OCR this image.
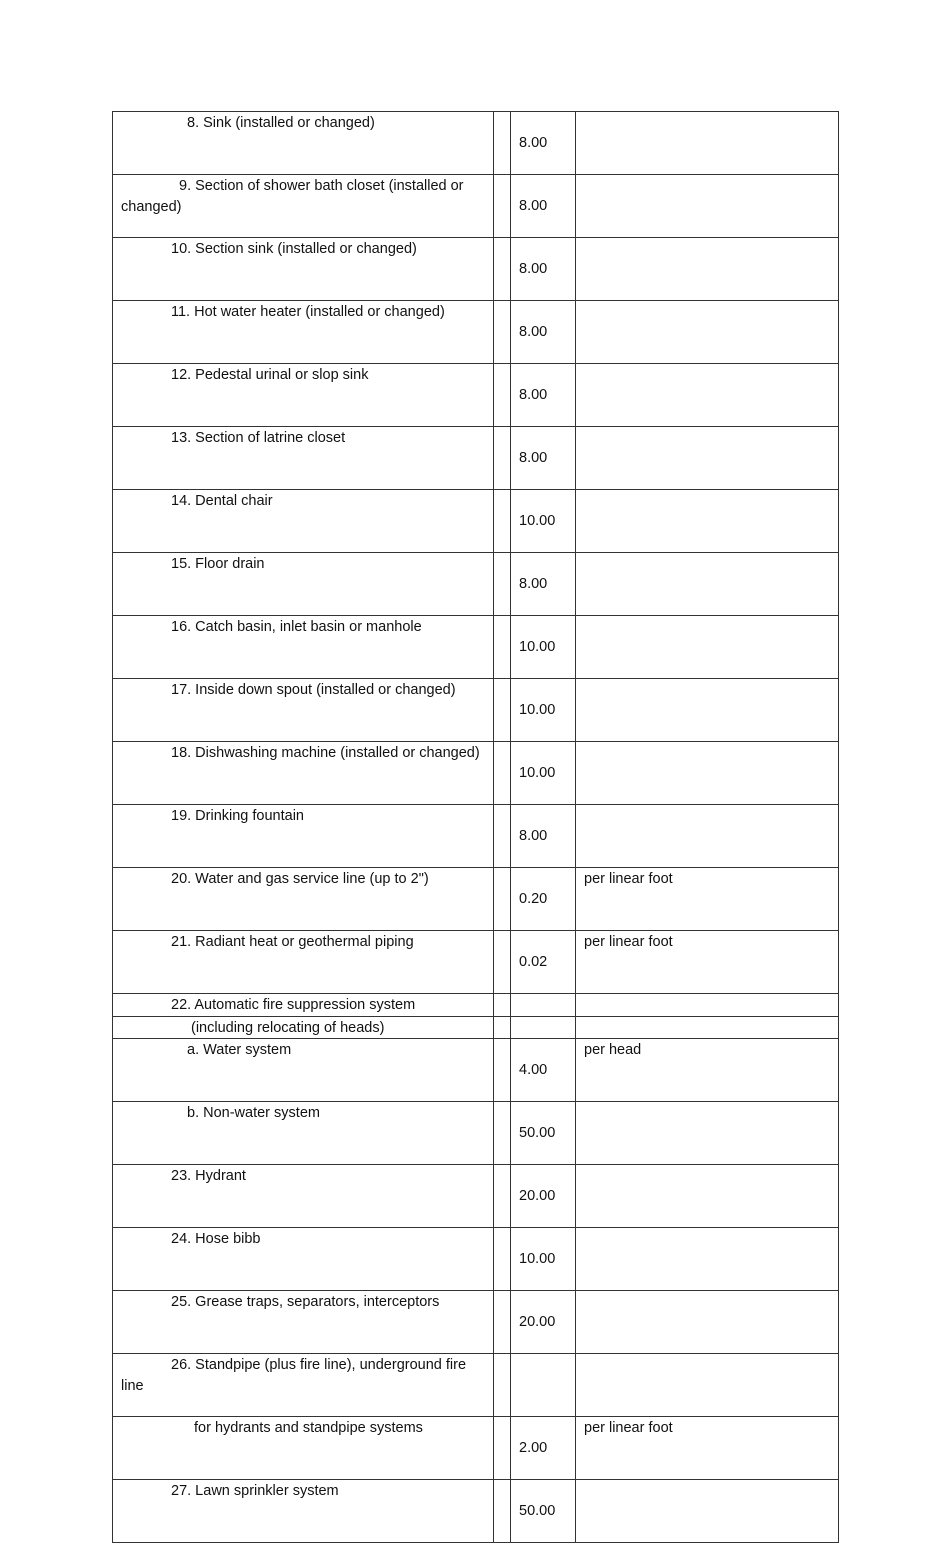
8. Sink (installed or changed)		8.00	

9. Section of shower bath closet (installed or changed)		8.00	

10. Section sink (installed or changed)		8.00	

11. Hot water heater (installed or changed)		8.00	

12. Pedestal urinal or slop sink		8.00	

13. Section of latrine closet		8.00	

14. Dental chair		10.00	

15. Floor drain		8.00	

16. Catch basin, inlet basin or manhole		10.00	

17. Inside down spout (installed or changed)		10.00	

18. Dishwashing machine (installed or changed)		10.00	

19. Drinking fountain		8.00	

20. Water and gas service line (up to 2")		0.20	per linear foot

21. Radiant heat or geothermal piping		0.02	per linear foot

22. Automatic fire suppression system			

(including relocating of heads)			

a. Water system		4.00	per head

b. Non-water system		50.00	

23. Hydrant		20.00	

24. Hose bibb		10.00	

25. Grease traps, separators, interceptors		20.00	

26. Standpipe (plus fire line), underground fire line			

for hydrants and standpipe systems		2.00	per linear foot

27. Lawn sprinkler system		50.00	
